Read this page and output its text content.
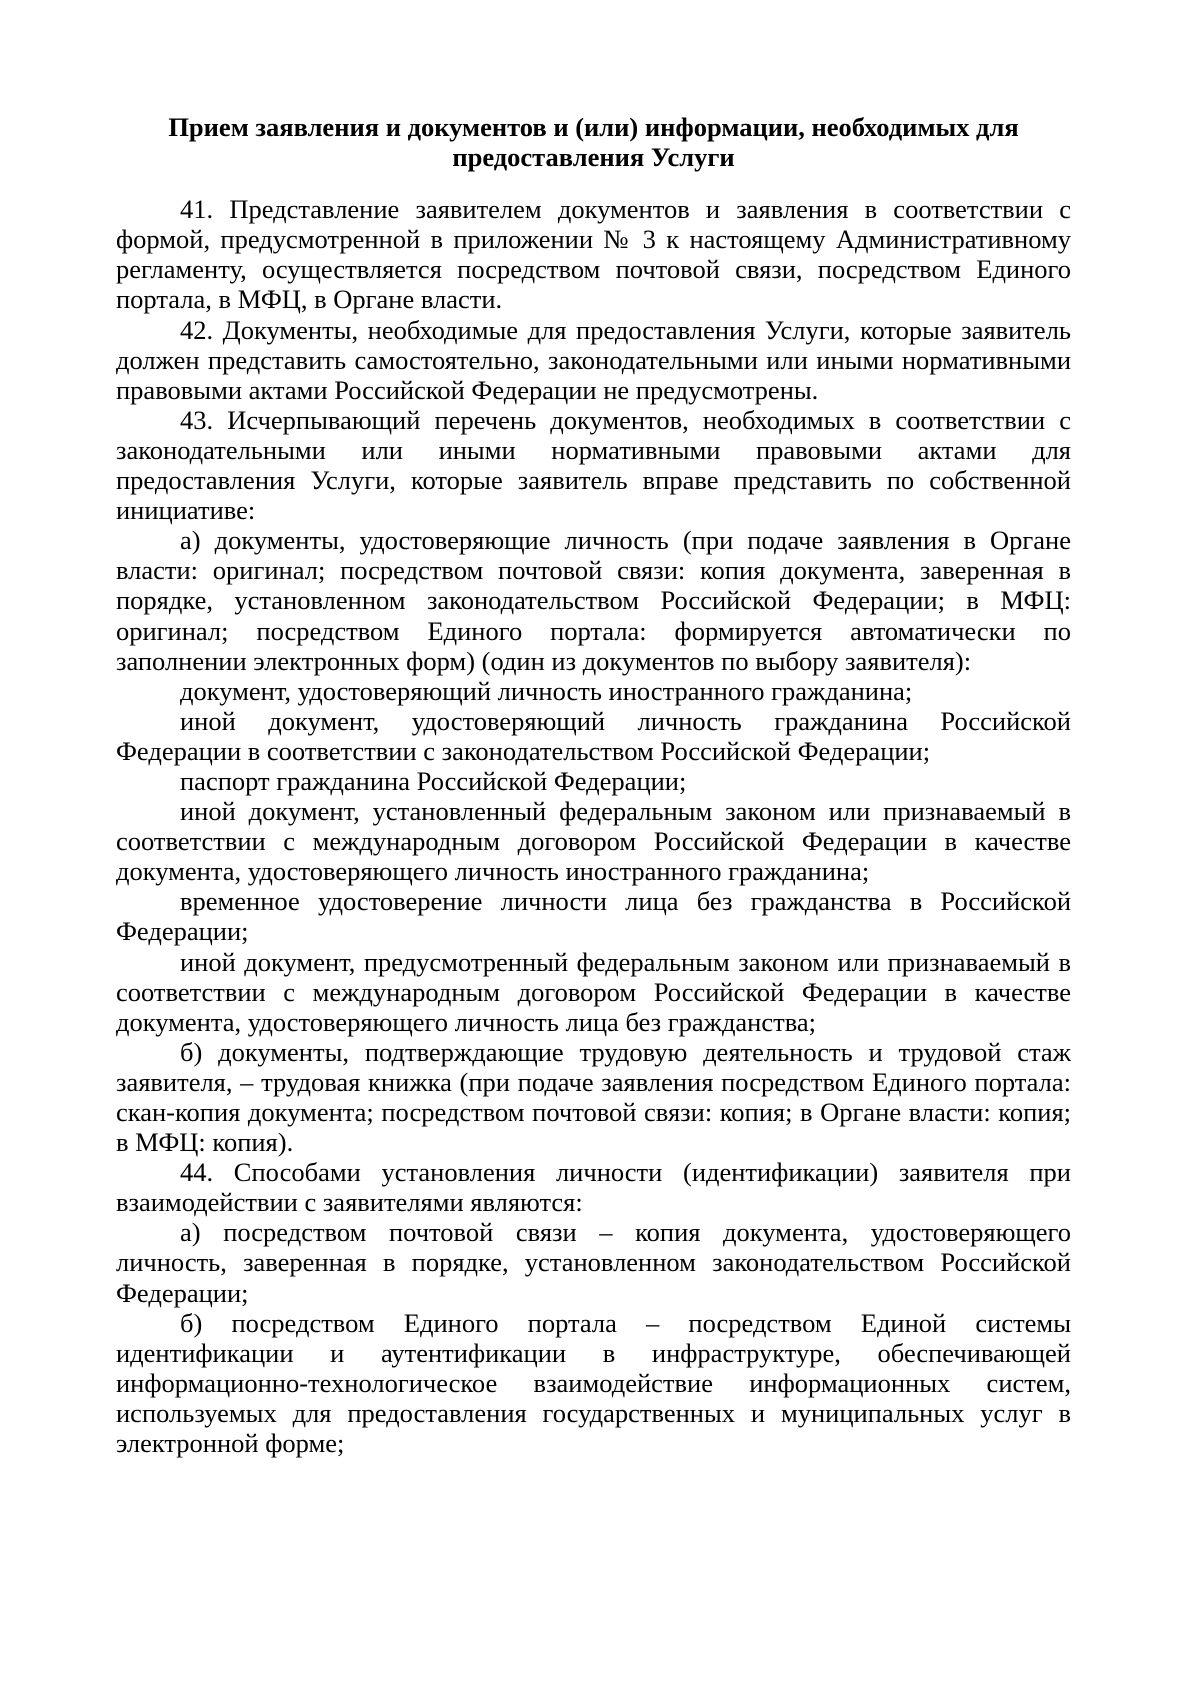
Прием заявления и документов и (или) информации, необходимых для
предоставления Услуги

41. Представление заявителем документов и заявления в соответствии с формой, предусмотренной в приложении № 3 к настоящему Административному регламенту, осуществляется посредством почтовой связи, посредством Единого портала, в МФЦ, в Органе власти.

42. Документы, необходимые для предоставления Услуги, которые заявитель должен представить самостоятельно, законодательными или иными нормативными правовыми актами Российской Федерации не предусмотрены.

43. Исчерпывающий перечень документов, необходимых в соответствии с законодательными или иными нормативными правовыми актами для предоставления Услуги, которые заявитель вправе представить по собственной инициативе:

а) документы, удостоверяющие личность (при подаче заявления в Органе власти: оригинал; посредством почтовой связи: копия документа, заверенная в порядке, установленном законодательством Российской Федерации; в МФЦ: оригинал; посредством Единого портала: формируется автоматически по заполнении электронных форм) (один из документов по выбору заявителя):

документ, удостоверяющий личность иностранного гражданина;

иной документ, удостоверяющий личность гражданина Российской Федерации в соответствии с законодательством Российской Федерации;

паспорт гражданина Российской Федерации;

иной документ, установленный федеральным законом или признаваемый в соответствии с международным договором Российской Федерации в качестве документа, удостоверяющего личность иностранного гражданина;

временное удостоверение личности лица без гражданства в Российской Федерации;

иной документ, предусмотренный федеральным законом или признаваемый в соответствии с международным договором Российской Федерации в качестве документа, удостоверяющего личность лица без гражданства;

б) документы, подтверждающие трудовую деятельность и трудовой стаж заявителя, – трудовая книжка (при подаче заявления посредством Единого портала: скан-копия документа; посредством почтовой связи: копия; в Органе власти: копия; в МФЦ: копия).

44. Способами установления личности (идентификации) заявителя при взаимодействии с заявителями являются:

а) посредством почтовой связи – копия документа, удостоверяющего личность, заверенная в порядке, установленном законодательством Российской Федерации;

б) посредством Единого портала – посредством Единой системы идентификации и аутентификации в инфраструктуре, обеспечивающей информационно-технологическое взаимодействие информационных систем, используемых для предоставления государственных и муниципальных услуг в электронной форме;
